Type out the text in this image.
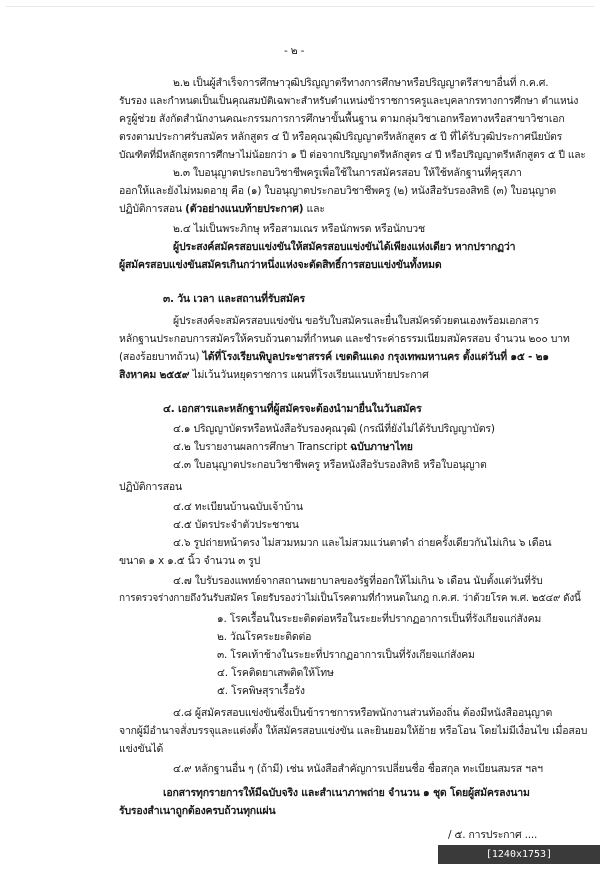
- ๒ -
๒.๒ เป็นผู้สำเร็จการศึกษาวุฒิปริญญาตรีทางการศึกษาหรือปริญญาตรีสาขาอื่นที่ ก.ค.ศ.
รับรอง และกำหนดเป็นเป็นคุณสมบัติเฉพาะสำหรับตำแหน่งข้าราชการครูและบุคลากรทางการศึกษา ตำแหน่ง
ครูผู้ช่วย สังกัดสำนักงานคณะกรรมการการศึกษาขั้นพื้นฐาน ตามกลุ่มวิชาเอกหรือทางหรือสาขาวิชาเอก
ตรงตามประกาศรับสมัคร หลักสูตร ๔ ปี หรือคุณวุฒิปริญญาตรีหลักสูตร ๕ ปี ที่ได้รับวุฒิประกาศนียบัตร
บัณฑิตที่มีหลักสูตรการศึกษาไม่น้อยกว่า ๑ ปี ต่อจากปริญญาตรีหลักสูตร ๔ ปี หรือปริญญาตรีหลักสูตร ๕ ปี และ
๒.๓ ใบอนุญาตประกอบวิชาชีพครูเพื่อใช้ในการสมัครสอบ ให้ใช้หลักฐานที่คุรุสภา
ออกให้และยังไม่หมดอายุ คือ (๑) ใบอนุญาตประกอบวิชาชีพครู (๒) หนังสือรับรองสิทธิ (๓) ใบอนุญาต
ปฏิบัติการสอน (ตัวอย่างแนบท้ายประกาศ) และ
๒.๔ ไม่เป็นพระภิกษุ หรือสามเณร หรือนักพรต หรือนักบวช
ผู้ประสงค์สมัครสอบแข่งขันให้สมัครสอบแข่งขันได้เพียงแห่งเดียว หากปรากฏว่า
ผู้สมัครสอบแข่งขันสมัครเกินกว่าหนึ่งแห่งจะตัดสิทธิ์การสอบแข่งขันทั้งหมด
๓. วัน เวลา และสถานที่รับสมัคร
ผู้ประสงค์จะสมัครสอบแข่งขัน ขอรับใบสมัครและยื่นใบสมัครด้วยตนเองพร้อมเอกสาร
หลักฐานประกอบการสมัครให้ครบถ้วนตามที่กำหนด และชำระค่าธรรมเนียมสมัครสอบ จำนวน ๒๐๐ บาท
(สองร้อยบาทถ้วน) ได้ที่โรงเรียนพิบูลประชาสรรค์ เขตดินแดง กรุงเทพมหานคร ตั้งแต่วันที่ ๑๕ - ๒๑
สิงหาคม ๒๕๕๙ ไม่เว้นวันหยุดราชการ แผนที่โรงเรียนแนบท้ายประกาศ
๔. เอกสารและหลักฐานที่ผู้สมัครจะต้องนำมายื่นในวันสมัคร
๔.๑ ปริญญาบัตรหรือหนังสือรับรองคุณวุฒิ (กรณีที่ยังไม่ได้รับปริญญาบัตร)
๔.๒ ใบรายงานผลการศึกษา Transcript ฉบับภาษาไทย
๔.๓ ใบอนุญาตประกอบวิชาชีพครู หรือหนังสือรับรองสิทธิ หรือใบอนุญาต
ปฏิบัติการสอน
๔.๔ ทะเบียนบ้านฉบับเจ้าบ้าน
๔.๕ บัตรประจำตัวประชาชน
๔.๖ รูปถ่ายหน้าตรง ไม่สวมหมวก และไม่สวมแว่นตาดำ ถ่ายครั้งเดียวกันไม่เกิน ๖ เดือน
ขนาด ๑ x ๑.๕ นิ้ว จำนวน ๓ รูป
๔.๗ ใบรับรองแพทย์จากสถานพยาบาลของรัฐที่ออกให้ไม่เกิน ๖ เดือน นับตั้งแต่วันที่รับ
การตรวจร่างกายถึงวันรับสมัคร โดยรับรองว่าไม่เป็นโรคตามที่กำหนดในกฎ ก.ค.ศ. ว่าด้วยโรค พ.ศ. ๒๕๔๙ ดังนี้
๑. โรคเรื้อนในระยะติดต่อหรือในระยะที่ปรากฏอาการเป็นที่รังเกียจแก่สังคม
๒. วัณโรคระยะติดต่อ
๓. โรคเท้าช้างในระยะที่ปรากฏอาการเป็นที่รังเกียจแก่สังคม
๔. โรคติดยาเสพติดให้โทษ
๕. โรคพิษสุราเรื้อรัง
๔.๘ ผู้สมัครสอบแข่งขันซึ่งเป็นข้าราชการหรือพนักงานส่วนท้องถิ่น ต้องมีหนังสืออนุญาต
จากผู้มีอำนาจสั่งบรรจุและแต่งตั้ง ให้สมัครสอบแข่งขัน และยินยอมให้ย้าย หรือโอน โดยไม่มีเงื่อนไข เมื่อสอบ
แข่งขันได้
๔.๙ หลักฐานอื่น ๆ (ถ้ามี) เช่น หนังสือสำคัญการเปลี่ยนชื่อ ชื่อสกุล ทะเบียนสมรส ฯลฯ
เอกสารทุกรายการให้มีฉบับจริง และสำเนาภาพถ่าย จำนวน ๑ ชุด โดยผู้สมัครลงนาม
รับรองสำเนาถูกต้องครบถ้วนทุกแผ่น
/ ๕. การประกาศ ....
[1240x1753] https://upic.me/
